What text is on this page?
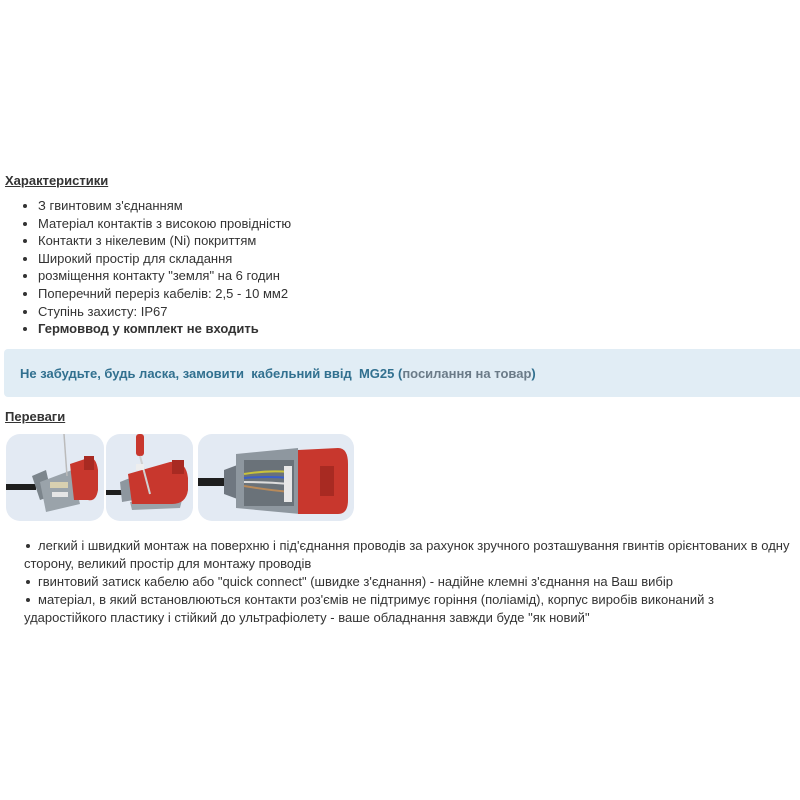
Характеристики
З гвинтовим з'єднанням
Матеріал контактів з високою провідністю
Контакти з нікелевим (Ni) покриттям
Широкий простір для складання
розміщення контакту "земля" на 6 годин
Поперечний переріз кабелів: 2,5 - 10 мм2
Ступінь захисту: IP67
Гермоввод у комплект не входить
Не забудьте, будь ласка, замовити  кабельний ввід  MG25 ( посилання на товар )
Переваги
легкий і швидкий монтаж на поверхню і під'єднання проводів за рахунок зручного розташування гвинтів орієнтованих в одну сторону, великий простір для монтажу проводів
гвинтовий затиск кабелю або "quick connect" (швидке з'єднання) - надійне клемні з'єднання на Ваш вибір
матеріал, в який встановлюються контакти роз'ємів не підтримує горіння (поліамід), корпус виробів виконаний з ударостійкого пластику і стійкий до ультрафіолету - ваше обладнання завжди буде "як новий"
